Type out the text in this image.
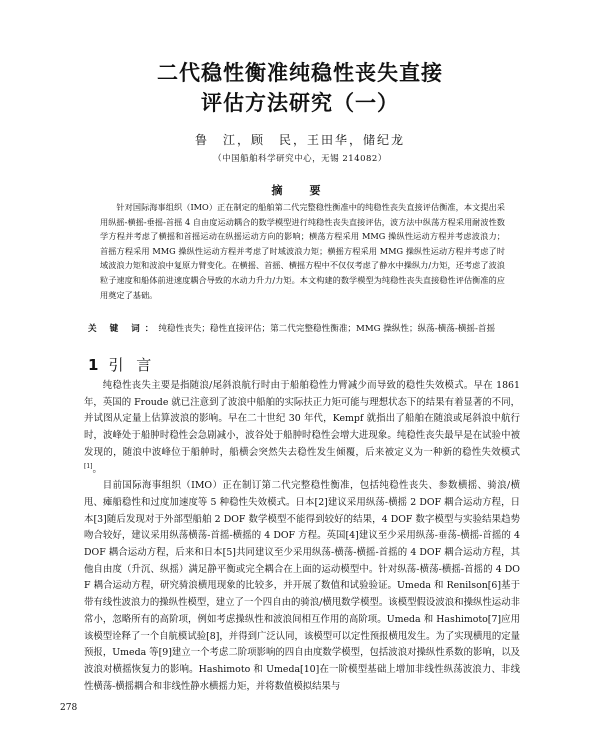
二代稳性衡准纯稳性丧失直接
评估方法研究（一）
鲁　江，顾　民，王田华，储纪龙
（中国船舶科学研究中心，无锡 214082）
摘　要
针对国际海事组织（IMO）正在制定的船舶第二代完整稳性衡准中的纯稳性丧失直接评估衡准，本文提出采用纵摇-横摇-垂摇-首摇 4 自由度运动耦合的数学模型进行纯稳性丧失直接评估，波方法中纵荡方程采用耐波性数学方程并考虑了横摇和首摇运动在纵摇运动方向的影响；横荡方程采用 MMG 操纵性运动方程并考虑波浪力；首摇方程采用 MMG 操纵性运动方程并考虑了时域波浪力矩；横摇方程采用 MMG 操纵性运动方程并考虑了时域波浪力矩和波浪中复原力臂变化。在横摇、首摇、横摇方程中不仅仅考虑了静水中操纵力/力矩，还考虑了波浪粒子速度和船体前进速度耦合导致的水动力升力/力矩。本文构建的数学模型为纯稳性丧失直接稳性评估衡准的应用奠定了基础。
关 键 词：纯稳性丧失；稳性直接评估；第二代完整稳性衡准；MMG 操纵性；纵荡-横荡-横摇-首摇
1 引 言

纯稳性丧失主要是指随浪/尾斜浪航行时由于船舶稳性力臂减少而导致的稳性失效模式。早在 1861 年，英国的 Froude 就已注意到了波浪中船舶的实际扶正力矩可能与理想状态下的结果有着显著的不同，并试图从定量上估算波浪的影响。早在二十世纪 30 年代，Kempf 就指出了船舶在随浪或尾斜浪中航行时，波峰处于船肿时稳性会急剧减小，波谷处于船肿时稳性会增大进现象。纯稳性丧失最早是在试验中被发现的，随浪中波峰位于船舯时，船横会突然失去稳性发生倾覆，后来被定义为一种新的稳性失效模式[1]。

目前国际海事组织（IMO）正在制订第二代完整稳性衡准，包括纯稳性丧失、参数横摇、骑浪/横甩、瘫船稳性和过度加速度等 5 种稳性失效模式。日本[2]建议采用纵荡-横摇 2 DOF 耦合运动方程，日本[3]随后发现对于外部型船舶 2 DOF 数学模型不能得到较好的结果，4 DOF 数字模型与实验结果趋势吻合较好，建议采用纵荡横荡-首摇-横摇的 4 DOF 方程。英国[4]建议至少采用纵荡-垂荡-横摇-首摇的 4 DOF 耦合运动方程，后来和日本[5]共同建议至少采用纵荡-横荡-横摇-首摇的 4 DOF 耦合运动方程，其他自由度（升沉、纵摇）满足静平衡或完全耦合在上面的运动模型中。针对纵荡-横荡-横摇-首摇的 4 DOF 耦合运动方程，研究骑浪横甩现象的比较多，并开展了数值和试验验证。Umeda 和 Renilson[6]基于带有线性波浪力的操纵性模型，建立了一个四自由的骑浪/横甩数学模型。该模型假设波浪和操纵性运动非常小，忽略所有的高阶项，例如考虑操纵性和波浪间相互作用的高阶项。Umeda 和 Hashimoto[7]应用该模型诠释了一个自航模试验[8]，并得到广泛认同，该模型可以定性预报横甩发生。为了实现横甩的定量预报，Umeda 等[9]建立一个考虑二阶项影响的四自由度数学模型，包括波浪对操纵性系数的影响，以及波浪对横摇恢复力的影响。Hashimoto 和 Umeda[10]在一阶模型基础上增加非线性纵荡波浪力、非线性横荡-横摇耦合和非线性静水横摇力矩，并将数值模拟结果与

278
